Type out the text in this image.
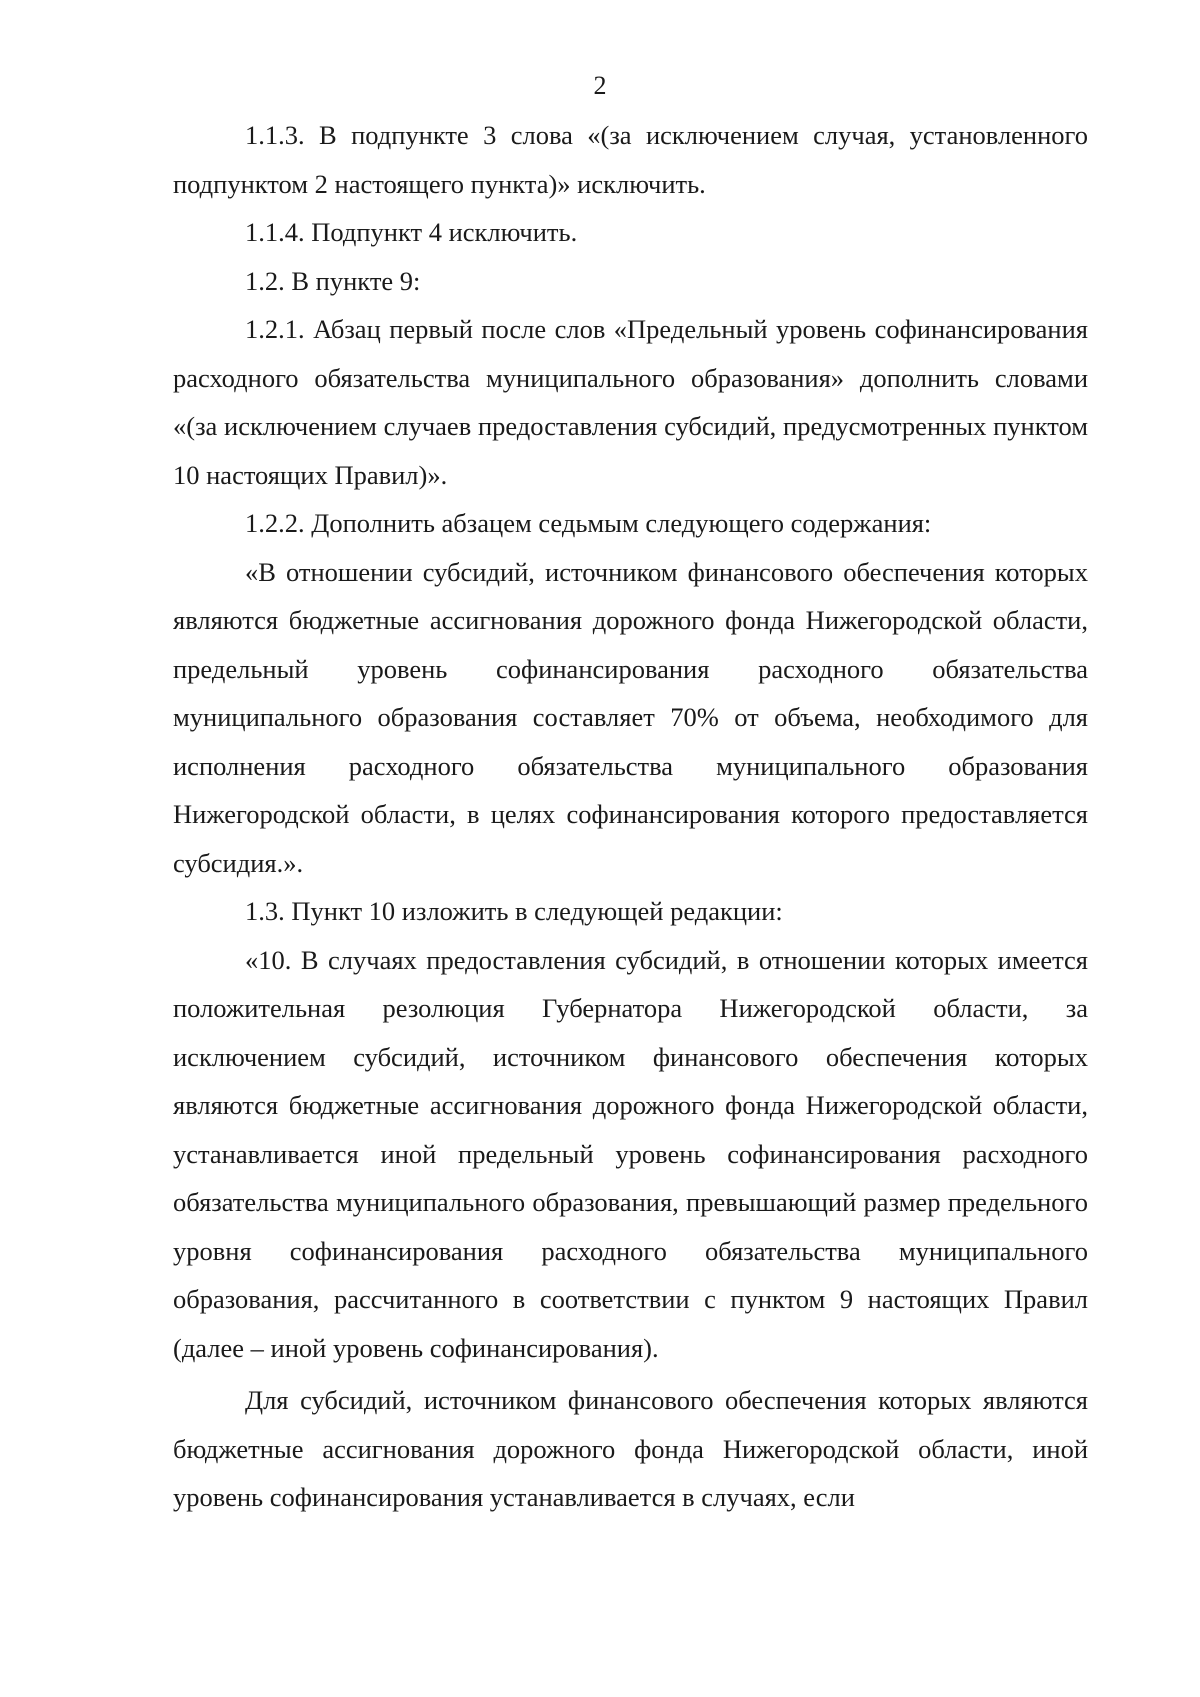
2

1.1.3. В подпункте 3 слова «(за исключением случая, установленного подпунктом 2 настоящего пункта)» исключить.

1.1.4. Подпункт 4 исключить.

1.2. В пункте 9:

1.2.1. Абзац первый после слов «Предельный уровень софинансирования расходного обязательства муниципального образования» дополнить словами «(за исключением случаев предоставления субсидий, предусмотренных пунктом 10 настоящих Правил)».

1.2.2. Дополнить абзацем седьмым следующего содержания:

«В отношении субсидий, источником финансового обеспечения которых являются бюджетные ассигнования дорожного фонда Нижегородской области, предельный уровень софинансирования расходного обязательства муниципального образования составляет 70% от объема, необходимого для исполнения расходного обязательства муниципального образования Нижегородской области, в целях софинансирования которого предоставляется субсидия.».

1.3. Пункт 10 изложить в следующей редакции:

«10. В случаях предоставления субсидий, в отношении которых имеется положительная резолюция Губернатора Нижегородской области, за исключением субсидий, источником финансового обеспечения которых являются бюджетные ассигнования дорожного фонда Нижегородской области, устанавливается иной предельный уровень софинансирования расходного обязательства муниципального образования, превышающий размер предельного уровня софинансирования расходного обязательства муниципального образования, рассчитанного в соответствии с пунктом 9 настоящих Правил (далее – иной уровень софинансирования).

Для субсидий, источником финансового обеспечения которых являются бюджетные ассигнования дорожного фонда Нижегородской области, иной уровень софинансирования устанавливается в случаях, если
